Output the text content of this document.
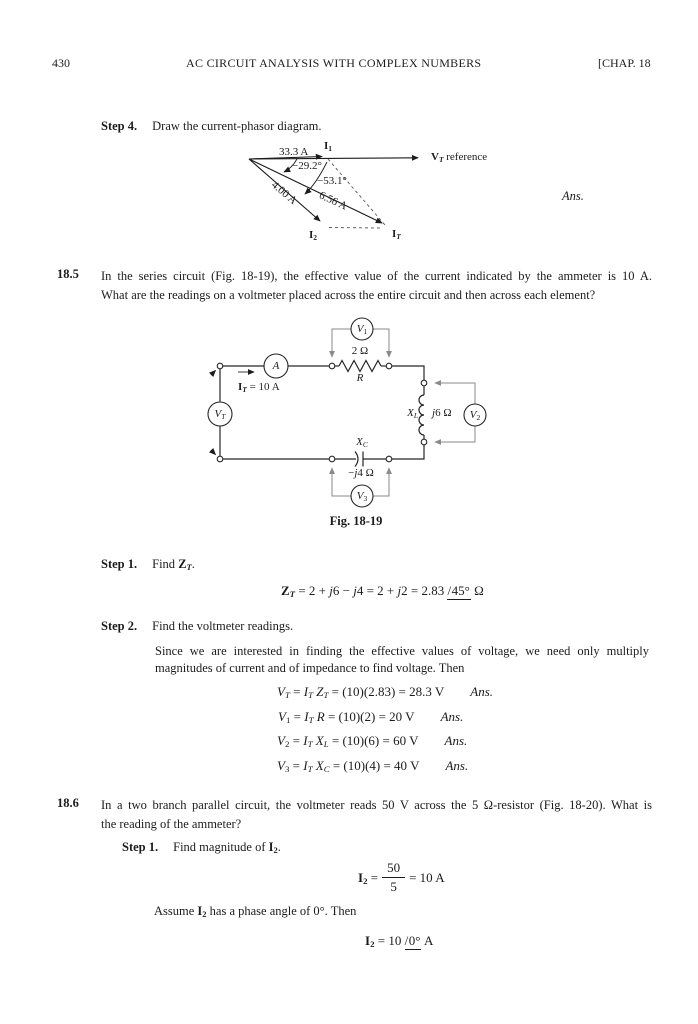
430	AC CIRCUIT ANALYSIS WITH COMPLEX NUMBERS	[CHAP. 18
Step 4. Draw the current-phasor diagram.
33.3 A $I_1$
−29.2°
−53.1°
4.00 A 6.56 A
$I_2$	$I_T$
$V_T$ reference
Ans.
18.5 In the series circuit (Fig. 18-19), the effective value of the current indicated by the ammeter is 10 A.
What are the readings on a voltmeter placed across the entire circuit and then across each element?
$V_1$
$V_2$
$V_3$
$V_T$
A
2 Ω
R
$I_T = 10$ A
$X_L$ j6 Ω
$X_C$
−j4 Ω
Fig. 18-19
Step 1. Find $Z_T$.
$Z_T = 2 + j6 - j4 = 2 + j2 = 2.83 / 45^\circ$ Ω
Step 2. Find the voltmeter readings.
Since we are interested in finding the effective values of voltage, we need only multiply
magnitudes of current and of impedance to find voltage. Then
$V_T = I_T$ $Z_T = (10)(2.83) = 28.3$ V Ans.
$V_1 = I_T$ R = (10)(2) = 20 V Ans.
$V_2 = I_T$ $X_L = (10)(6) = 60$ V Ans.
$V_3 = I_T$ $X_C = (10)(4) = 40$ V Ans.
18.6 In a two branch parallel circuit, the voltmeter reads 50 V across the 5 Ω-resistor (Fig. 18-20). What is
the reading of the ammeter?
Step 1. Find magnitude of $I_2$.
$I_2 = \frac{50}{5} = 10$ A
Assume $I_2$ has a phase angle of 0°. Then
$I_2 = 10 / 0^\circ$ A
